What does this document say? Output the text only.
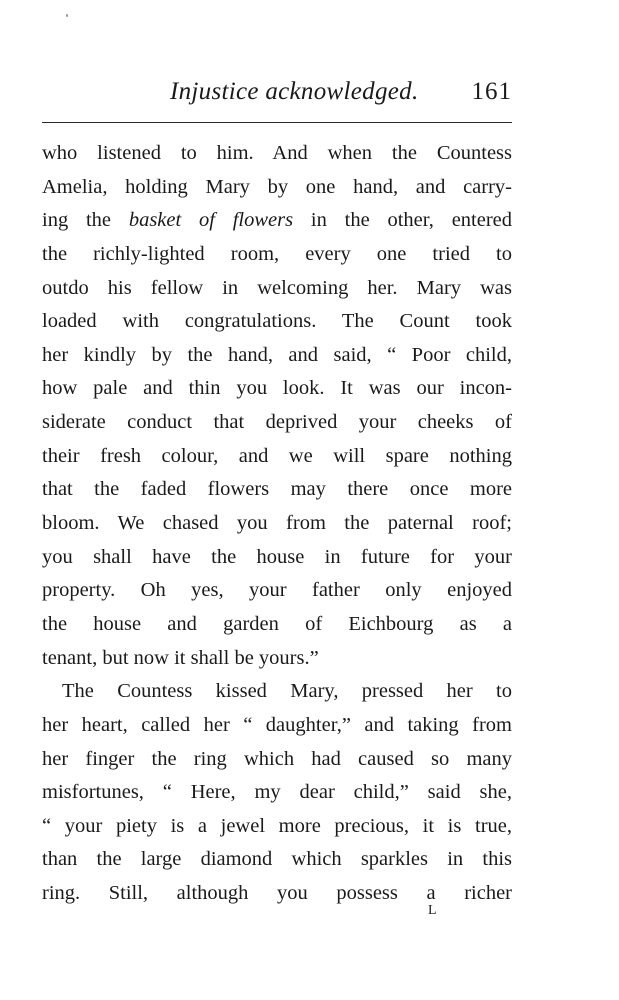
Injustice acknowledged. 161
who listened to him. And when the Countess
Amelia, holding Mary by one hand, and carry-
ing the basket of flowers in the other, entered
the richly-lighted room, every one tried to
outdo his fellow in welcoming her. Mary was
loaded with congratulations. The Count took
her kindly by the hand, and said, “ Poor child,
how pale and thin you look. It was our incon-
siderate conduct that deprived your cheeks of
their fresh colour, and we will spare nothing
that the faded flowers may there once more
bloom. We chased you from the paternal roof;
you shall have the house in future for your
property. Oh yes, your father only enjoyed
the house and garden of Eichbourg as a
tenant, but now it shall be yours.”
The Countess kissed Mary, pressed her to
her heart, called her “ daughter,” and taking from
her finger the ring which had caused so many
misfortunes, “ Here, my dear child,” said she,
“ your piety is a jewel more precious, it is true,
than the large diamond which sparkles in this
ring. Still, although you possess a richer
L
